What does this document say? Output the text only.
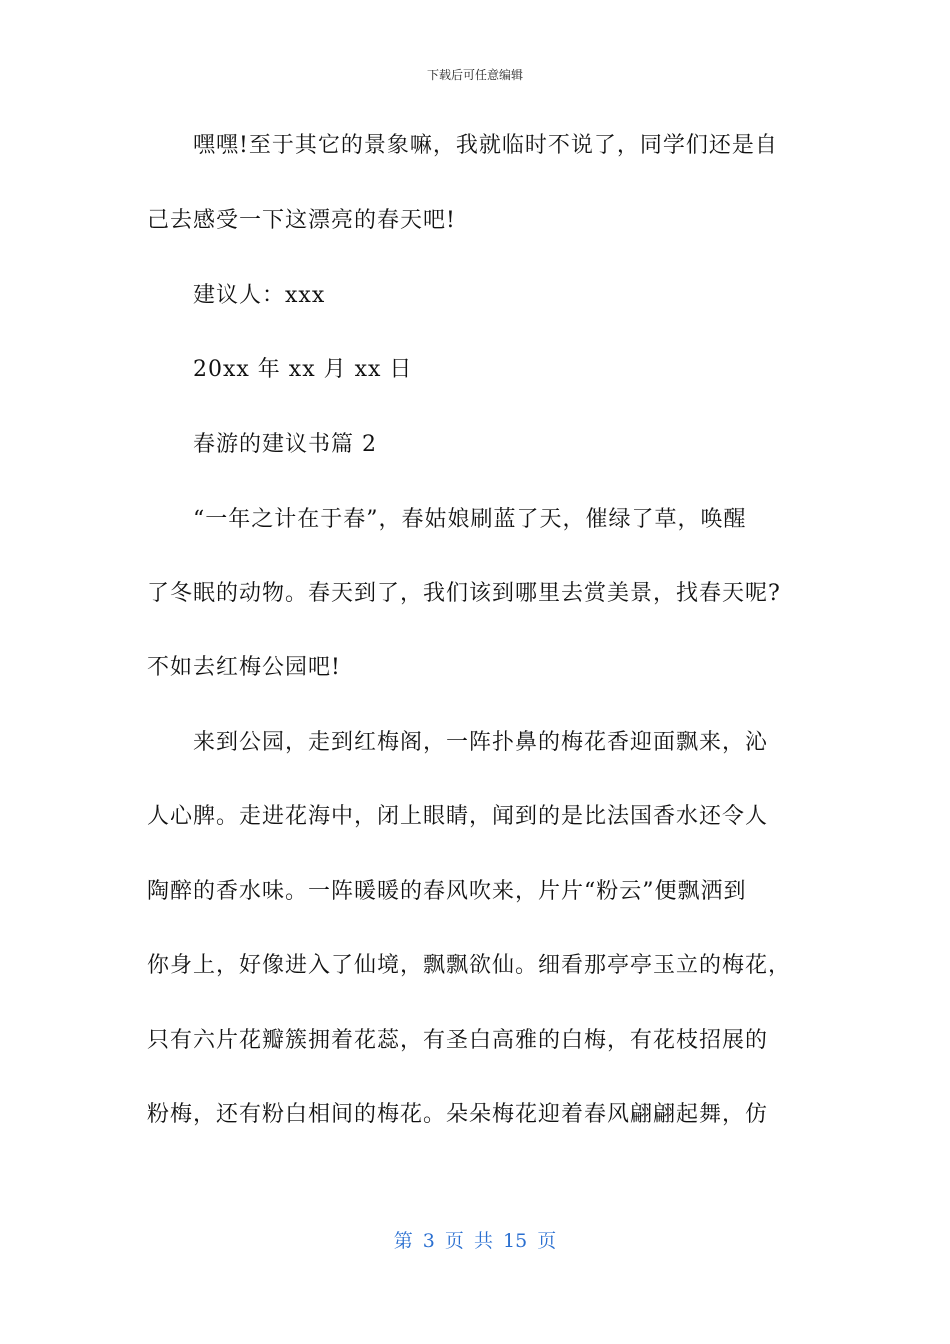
下载后可任意编辑
嘿嘿!至于其它的景象嘛，我就临时不说了，同学们还是自
己去感受一下这漂亮的春天吧!
建议人：xxx
20xx 年 xx 月 xx 日
春游的建议书篇 2
“一年之计在于春”，春姑娘刷蓝了天，催绿了草，唤醒
了冬眠的动物。春天到了，我们该到哪里去赏美景，找春天呢?
不如去红梅公园吧!
来到公园，走到红梅阁，一阵扑鼻的梅花香迎面飘来，沁
人心脾。走进花海中，闭上眼睛，闻到的是比法国香水还令人
陶醉的香水味。一阵暖暖的春风吹来，片片“粉云”便飘洒到
你身上，好像进入了仙境，飘飘欲仙。细看那亭亭玉立的梅花，
只有六片花瓣簇拥着花蕊，有圣白高雅的白梅，有花枝招展的
粉梅，还有粉白相间的梅花。朵朵梅花迎着春风翩翩起舞，仿
第 3 页 共 15 页
